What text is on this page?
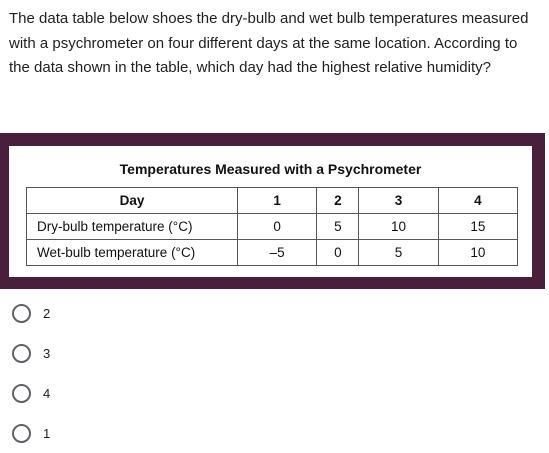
The data table below shoes the dry-bulb and wet bulb temperatures measured with a psychrometer on four different days at the same location. According to the data shown in the table, which day had the highest relative humidity?

Temperatures Measured with a Psychrometer
Day	1	2	3	4
Dry-bulb temperature (°C)	0	5	10	15
Wet-bulb temperature (°C)	–5	0	5	10
2
3
4
1
